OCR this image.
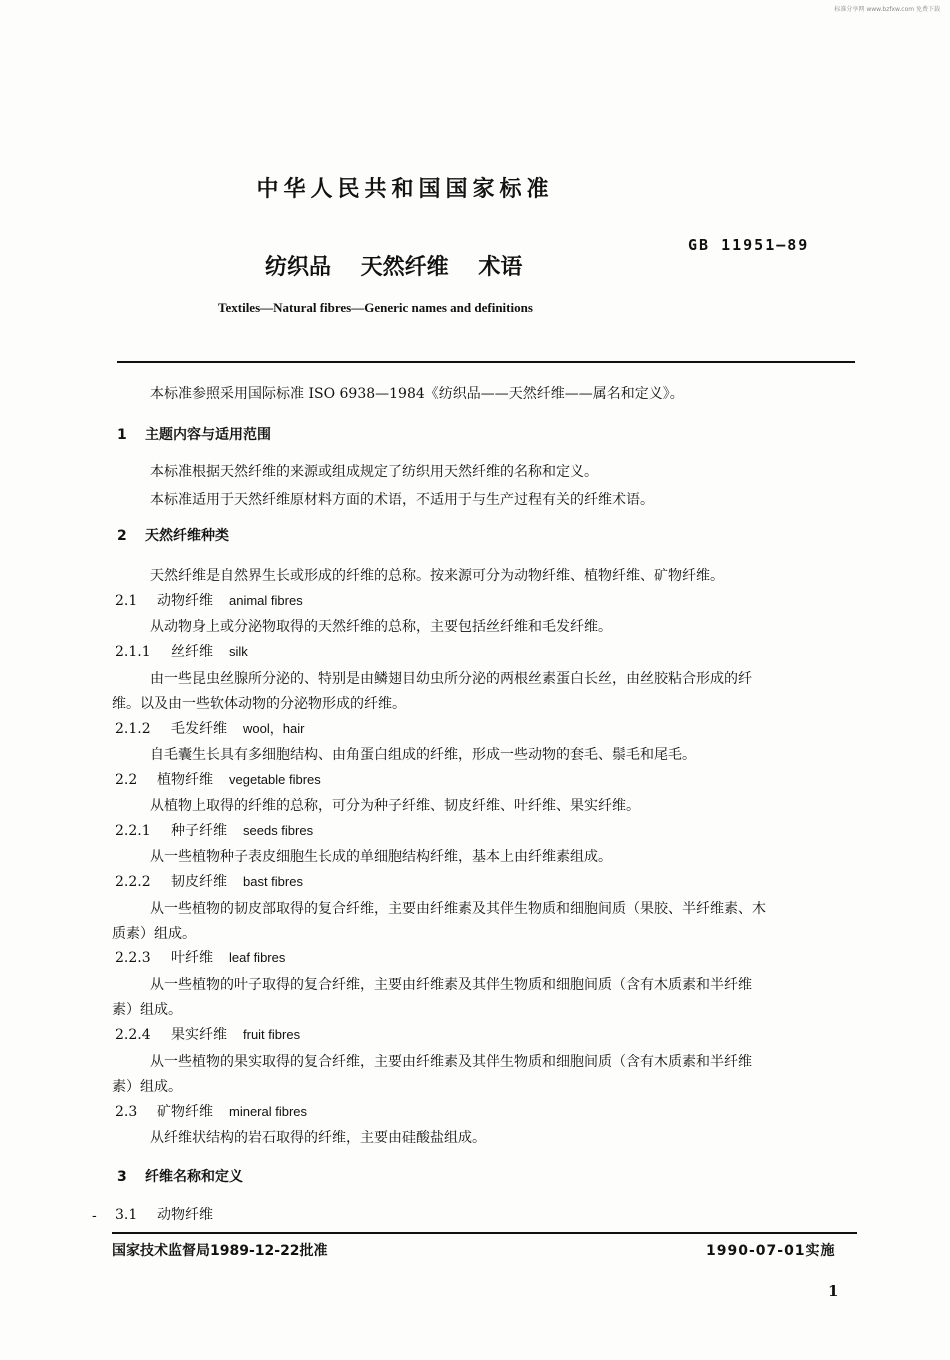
标准分享网 www.bzfxw.com 免费下载
中华人民共和国国家标准
GB 11951—89
纺织品 天然纤维 术语
Textiles—Natural fibres—Generic names and definitions
本标准参照采用国际标准 ISO 6938—1984《纺织品——天然纤维——属名和定义》。
1 主题内容与适用范围
本标准根据天然纤维的来源或组成规定了纺织用天然纤维的名称和定义。
本标准适用于天然纤维原材料方面的术语，不适用于与生产过程有关的纤维术语。
2 天然纤维种类
天然纤维是自然界生长或形成的纤维的总称。按来源可分为动物纤维、植物纤维、矿物纤维。
2.1 动物纤维 animal fibres
从动物身上或分泌物取得的天然纤维的总称，主要包括丝纤维和毛发纤维。
2.1.1 丝纤维 silk
由一些昆虫丝腺所分泌的、特别是由鳞翅目幼虫所分泌的两根丝素蛋白长丝，由丝胶粘合形成的纤
维。以及由一些软体动物的分泌物形成的纤维。
2.1.2 毛发纤维 wool，hair
自毛囊生长具有多细胞结构、由角蛋白组成的纤维，形成一些动物的套毛、鬃毛和尾毛。
2.2 植物纤维 vegetable fibres
从植物上取得的纤维的总称，可分为种子纤维、韧皮纤维、叶纤维、果实纤维。
2.2.1 种子纤维 seeds fibres
从一些植物种子表皮细胞生长成的单细胞结构纤维，基本上由纤维素组成。
2.2.2 韧皮纤维 bast fibres
从一些植物的韧皮部取得的复合纤维，主要由纤维素及其伴生物质和细胞间质（果胶、半纤维素、木
质素）组成。
2.2.3 叶纤维 leaf fibres
从一些植物的叶子取得的复合纤维，主要由纤维素及其伴生物质和细胞间质（含有木质素和半纤维
素）组成。
2.2.4 果实纤维 fruit fibres
从一些植物的果实取得的复合纤维，主要由纤维素及其伴生物质和细胞间质（含有木质素和半纤维
素）组成。
2.3 矿物纤维 mineral fibres
从纤维状结构的岩石取得的纤维，主要由硅酸盐组成。
3 纤维名称和定义
- 3.1 动物纤维
国家技术监督局1989-12-22批准	1990-07-01实施
1
